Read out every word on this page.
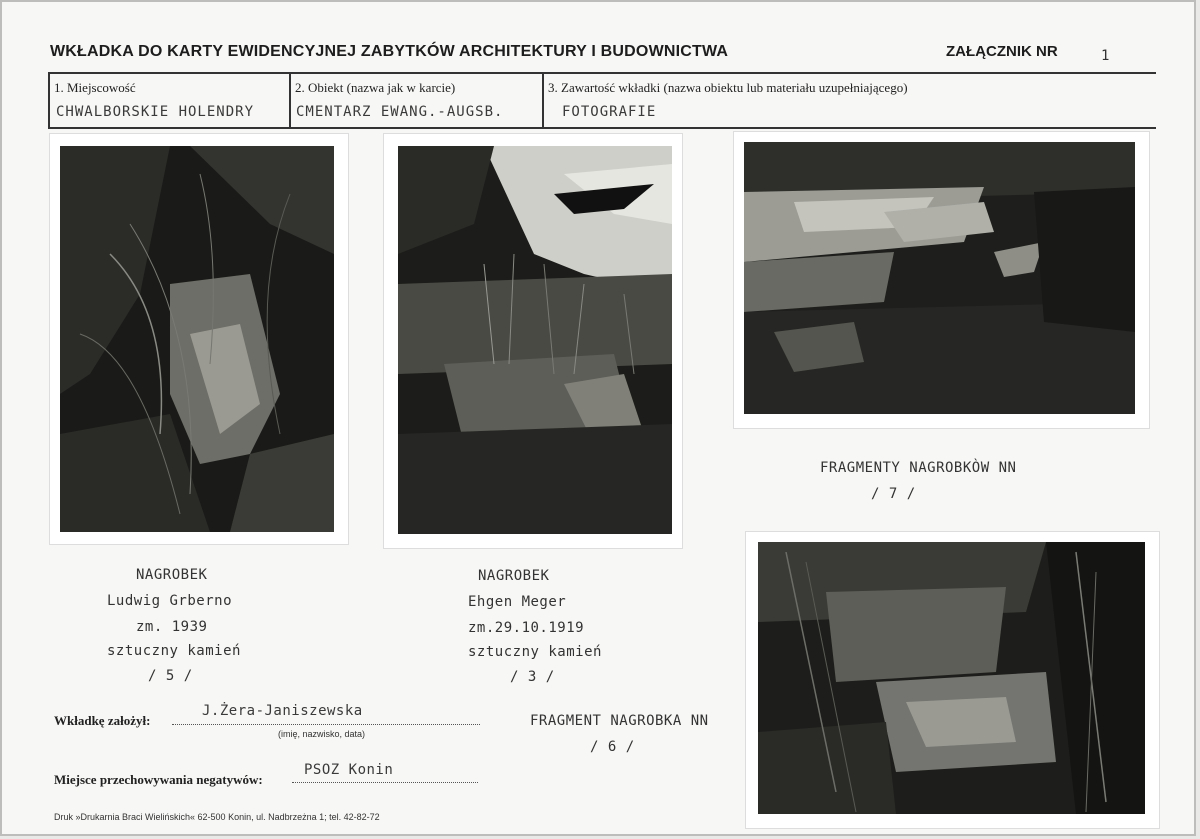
WKŁADKA DO KARTY EWIDENCYJNEJ ZABYTKÓW ARCHITEKTURY I BUDOWNICTWA	ZAŁĄCZNIK NR	1
1. Miejscowość
CHWALBORSKIE HOLENDRY
2. Obiekt (nazwa jak w karcie)
CMENTARZ EWANG.-AUGSB.
3. Zawartość wkładki (nazwa obiektu lub materiału uzupełniającego)
FOTOGRAFIE
NAGROBEK
Ludwig Grberno
zm. 1939
sztuczny kamień
/ 5 /
NAGROBEK
Ehgen Meger
zm.29.10.1919
sztuczny kamień
/ 3 /
FRAGMENTY NAGROBKÒW NN
/ 7 /
FRAGMENT NAGROBKA NN
/ 6 /
Wkładkę założył:
J.Żera-Janiszewska
(imię, nazwisko, data)
Miejsce przechowywania negatywów:
PSOZ Konin
Druk »Drukarnia Braci Wielińskich« 62-500 Konin, ul. Nadbrzeżna 1; tel. 42-82-72
